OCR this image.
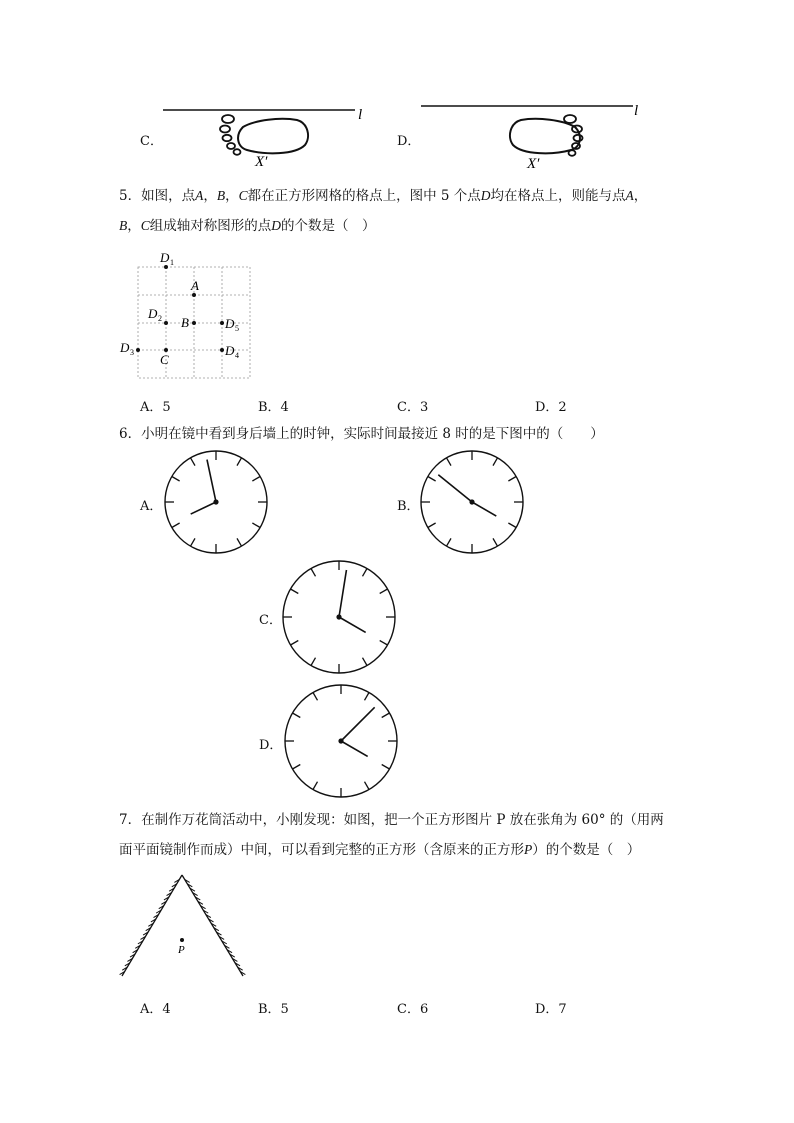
C．
l
X′
D．
l
X′
5．如图，点A，B，C都在正方形网格的格点上，图中 5 个点D均在格点上，则能与点A，
B，C组成轴对称图形的点D的个数是（　）
D 1
A
D 2 B	D 5
D 3 C
D 4
A．5	B．4	C．3	D．2
6．小明在镜中看到身后墙上的时钟，实际时间最接近 8 时的是下图中的（　　）
A．	B．
C．
D．
7．在制作万花筒活动中，小刚发现：如图，把一个正方形图片 P 放在张角为 60° 的（用两
面平面镜制作而成）中间，可以看到完整的正方形（含原来的正方形P）的个数是（　）
P
A．4	B．5	C．6	D．7
